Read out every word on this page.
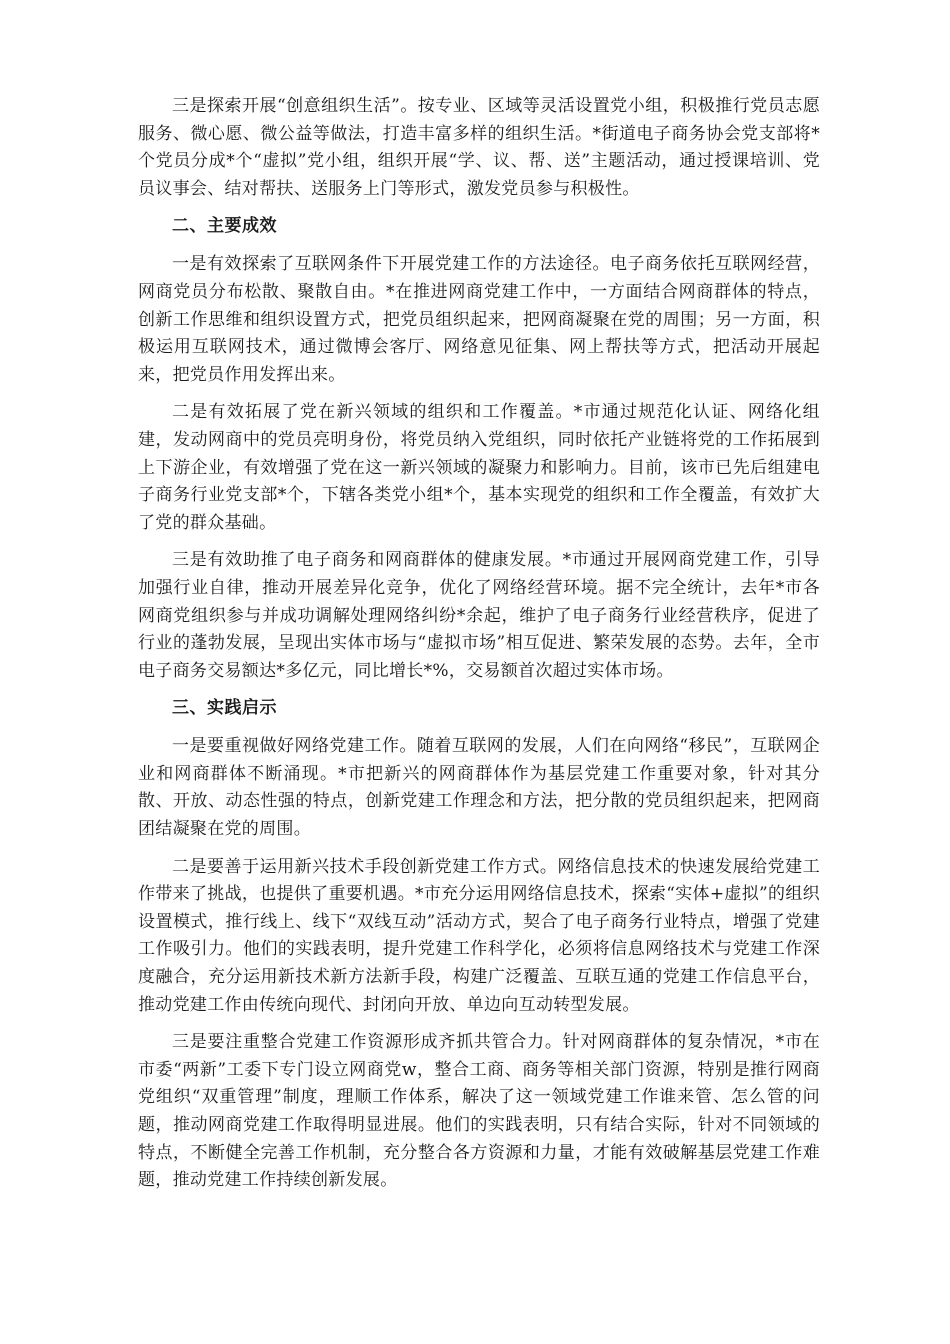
三是探索开展“创意组织生活”。按专业、区域等灵活设置党小组，积极推行党员志愿服务、微心愿、微公益等做法，打造丰富多样的组织生活。*街道电子商务协会党支部将*个党员分成*个“虚拟”党小组，组织开展“学、议、帮、送”主题活动，通过授课培训、党员议事会、结对帮扶、送服务上门等形式，激发党员参与积极性。

二、主要成效

一是有效探索了互联网条件下开展党建工作的方法途径。电子商务依托互联网经营，网商党员分布松散、聚散自由。*在推进网商党建工作中，一方面结合网商群体的特点，创新工作思维和组织设置方式，把党员组织起来，把网商凝聚在党的周围；另一方面，积极运用互联网技术，通过微博会客厅、网络意见征集、网上帮扶等方式，把活动开展起来，把党员作用发挥出来。

二是有效拓展了党在新兴领域的组织和工作覆盖。*市通过规范化认证、网络化组建，发动网商中的党员亮明身份，将党员纳入党组织，同时依托产业链将党的工作拓展到上下游企业，有效增强了党在这一新兴领域的凝聚力和影响力。目前，该市已先后组建电子商务行业党支部*个，下辖各类党小组*个，基本实现党的组织和工作全覆盖，有效扩大了党的群众基础。

三是有效助推了电子商务和网商群体的健康发展。*市通过开展网商党建工作，引导加强行业自律，推动开展差异化竞争，优化了网络经营环境。据不完全统计，去年*市各网商党组织参与并成功调解处理网络纠纷*余起，维护了电子商务行业经营秩序，促进了行业的蓬勃发展，呈现出实体市场与“虚拟市场”相互促进、繁荣发展的态势。去年，全市电子商务交易额达*多亿元，同比增长*%，交易额首次超过实体市场。

三、实践启示

一是要重视做好网络党建工作。随着互联网的发展，人们在向网络“移民”，互联网企业和网商群体不断涌现。*市把新兴的网商群体作为基层党建工作重要对象，针对其分散、开放、动态性强的特点，创新党建工作理念和方法，把分散的党员组织起来，把网商团结凝聚在党的周围。

二是要善于运用新兴技术手段创新党建工作方式。网络信息技术的快速发展给党建工作带来了挑战，也提供了重要机遇。*市充分运用网络信息技术，探索“实体+虚拟”的组织设置模式，推行线上、线下“双线互动”活动方式，契合了电子商务行业特点，增强了党建工作吸引力。他们的实践表明，提升党建工作科学化，必须将信息网络技术与党建工作深度融合，充分运用新技术新方法新手段，构建广泛覆盖、互联互通的党建工作信息平台，推动党建工作由传统向现代、封闭向开放、单边向互动转型发展。

三是要注重整合党建工作资源形成齐抓共管合力。针对网商群体的复杂情况，*市在市委“两新”工委下专门设立网商党w，整合工商、商务等相关部门资源，特别是推行网商党组织“双重管理”制度，理顺工作体系，解决了这一领域党建工作谁来管、怎么管的问题，推动网商党建工作取得明显进展。他们的实践表明，只有结合实际，针对不同领域的特点，不断健全完善工作机制，充分整合各方资源和力量，才能有效破解基层党建工作难题，推动党建工作持续创新发展。
